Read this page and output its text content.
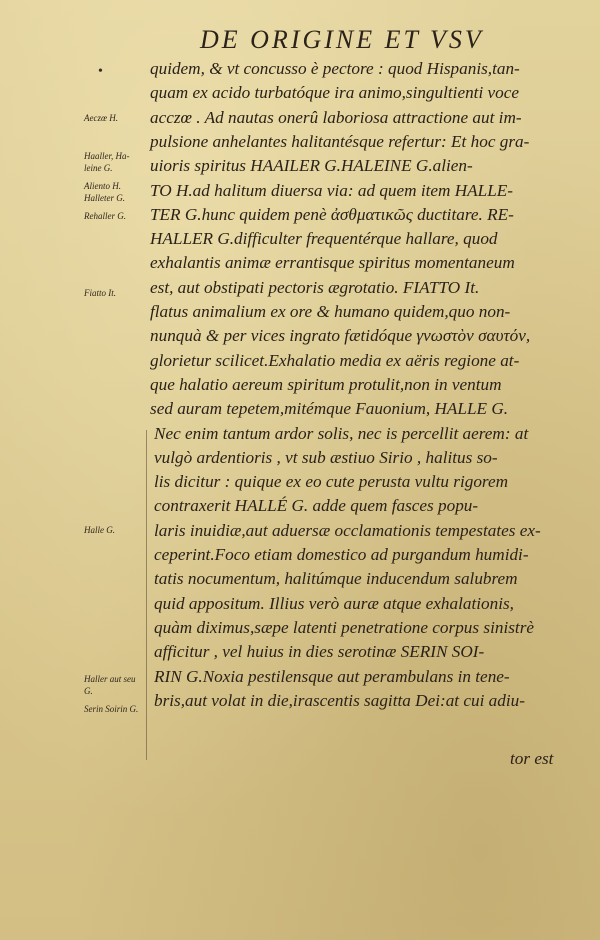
DE ORIGINE ET VSV
•
Aeczœ H.
Haaller, Ha-leine G.
Aliento H.
Halleter G.
Rehaller G.
Fiatto It.
Halle G.
Haller aut seu G.
Serin Soirin G.
quidem, & vt concusso è pectore : quod Hispanis,tan-
quam ex acido turbatóque ira animo,singultienti voce
acczœ . Ad nautas onerû laboriosa attractione aut im-
pulsione anhelantes halitantésque refertur: Et hoc gra-
uioris spiritus HAAILER G.HALEINE G.alien-
TO H.ad halitum diuersa via: ad quem item HALLE-
TER G.hunc quidem penè ἀσθματικῶς ductitare. RE-
HALLER G.difficulter frequentérque hallare, quod
exhalantis animæ errantisque spiritus momentaneum
est, aut obstipati pectoris ægrotatio. FIATTO It.
flatus animalium ex ore & humano quidem,quo non-
nunquà & per vices ingrato fætidóque γνωστὸν σαυτόν,
glorietur scilicet.Exhalatio media ex aëris regione at-
que halatio aereum spiritum protulit,non in ventum
sed auram tepetem,mitémque Fauonium, HALLE G.
Nec enim tantum ardor solis, nec is percellit aerem: at
vulgò ardentioris , vt sub æstiuo Sirio , halitus so-
lis dicitur : quique ex eo cute perusta vultu rigorem
contraxerit HALLÉ G. adde quem fasces popu-
laris inuidiæ,aut aduersæ occlamationis tempestates ex-
ceperint.Foco etiam domestico ad purgandum humidi-
tatis nocumentum, halitúmque inducendum salubrem
quid appositum. Illius verò auræ atque exhalationis,
quàm diximus,sæpe latenti penetratione corpus sinistrè
afficitur , vel huius in dies serotinæ SERIN SOI-
RIN G.Noxia pestilensque aut perambulans in tene-
bris,aut volat in die,irascentis sagitta Dei:at cui adiu-
tor est
